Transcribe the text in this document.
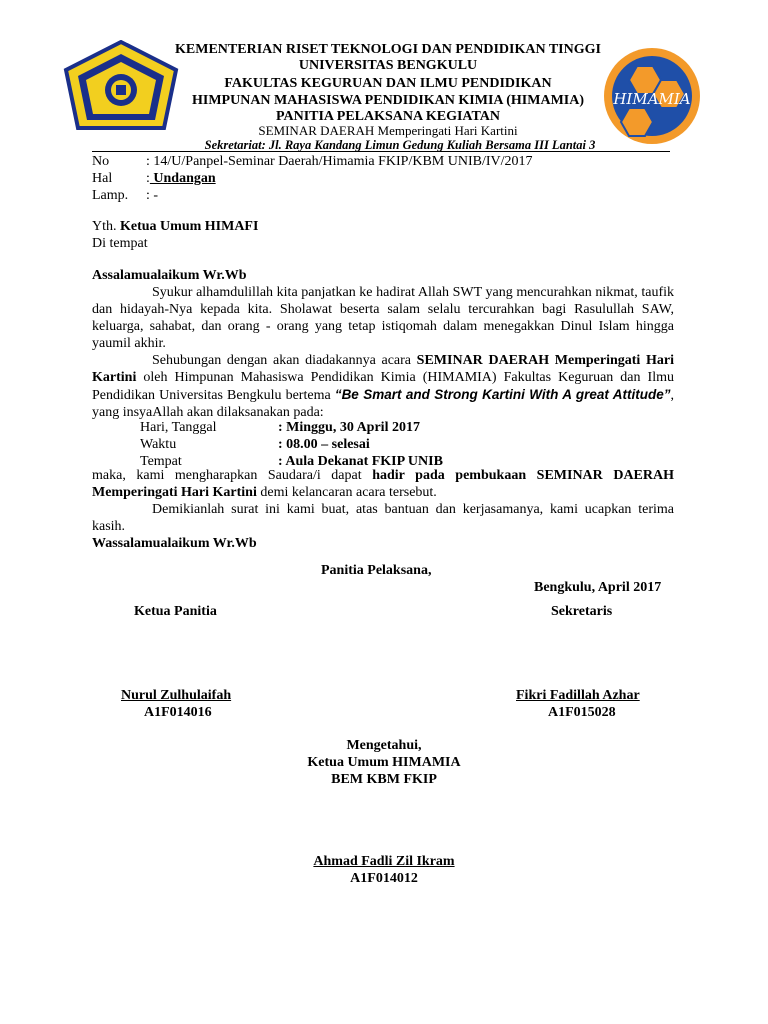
HIMAMIA
KEMENTERIAN RISET TEKNOLOGI DAN PENDIDIKAN TINGGI
UNIVERSITAS BENGKULU
FAKULTAS KEGURUAN DAN ILMU PENDIDIKAN
HIMPUNAN MAHASISWA PENDIDIKAN KIMIA (HIMAMIA)
PANITIA PELAKSANA KEGIATAN
SEMINAR DAERAH Memperingati Hari Kartini
Sekretariat: Jl. Raya Kandang Limun Gedung Kuliah Bersama III Lantai 3
No	: 14/U/Panpel-Seminar Daerah/Himamia FKIP/KBM UNIB/IV/2017
Hal : Undangan
Lamp. : -
Yth. Ketua Umum HIMAFI
Di tempat
Assalamualaikum Wr.Wb
Syukur alhamdulillah kita panjatkan ke hadirat Allah SWT yang mencurahkan nikmat, taufik dan hidayah-Nya kepada kita. Sholawat beserta salam selalu tercurahkan bagi Rasulullah SAW, keluarga, sahabat, dan orang - orang yang tetap istiqomah dalam menegakkan Dinul Islam hingga yaumil akhir.
Sehubungan dengan akan diadakannya acara SEMINAR DAERAH Memperingati Hari Kartini oleh Himpunan Mahasiswa Pendidikan Kimia (HIMAMIA) Fakultas Keguruan dan Ilmu Pendidikan Universitas Bengkulu bertema “Be Smart and Strong Kartini With A great Attitude”, yang insyaAllah akan dilaksanakan pada:
Hari, Tanggal	: Minggu, 30 April 2017
Waktu	: 08.00 – selesai
Tempat	: Aula Dekanat FKIP UNIB
maka, kami mengharapkan Saudara/i dapat hadir pada pembukaan SEMINAR DAERAH Memperingati Hari Kartini demi kelancaran acara tersebut.
Demikianlah surat ini kami buat, atas bantuan dan kerjasamanya, kami ucapkan terima kasih.
Wassalamualaikum Wr.Wb
Panitia Pelaksana,
Bengkulu, April 2017
Ketua Panitia	Sekretaris
Nurul Zulhulaifah
A1F014016
Fikri Fadillah Azhar
A1F015028
Mengetahui,
Ketua Umum HIMAMIA
BEM KBM FKIP
Ahmad Fadli Zil Ikram
A1F014012
